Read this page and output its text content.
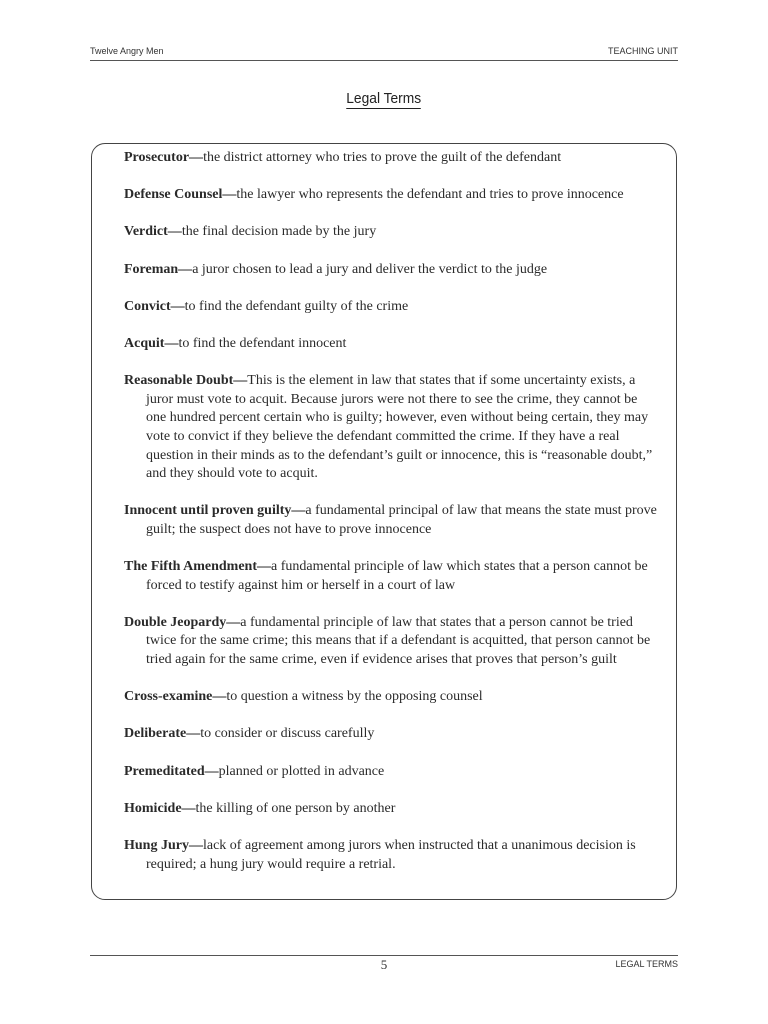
Twelve Angry Men	TEACHING UNIT
Legal Terms

Prosecutor—the district attorney who tries to prove the guilt of the defendant

Defense Counsel—the lawyer who represents the defendant and tries to prove innocence

Verdict—the final decision made by the jury

Foreman—a juror chosen to lead a jury and deliver the verdict to the judge

Convict—to find the defendant guilty of the crime

Acquit—to find the defendant innocent

Reasonable Doubt—This is the element in law that states that if some uncertainty exists, a juror must vote to acquit. Because jurors were not there to see the crime, they cannot be one hundred percent certain who is guilty; however, even without being certain, they may vote to convict if they believe the defendant committed the crime. If they have a real question in their minds as to the defendant’s guilt or innocence, this is “reasonable doubt,” and they should vote to acquit.

Innocent until proven guilty—a fundamental principal of law that means the state must prove guilt; the suspect does not have to prove innocence

The Fifth Amendment—a fundamental principle of law which states that a person cannot be forced to testify against him or herself in a court of law

Double Jeopardy—a fundamental principle of law that states that a person cannot be tried twice for the same crime; this means that if a defendant is acquitted, that person cannot be tried again for the same crime, even if evidence arises that proves that person’s guilt

Cross-examine—to question a witness by the opposing counsel

Deliberate—to consider or discuss carefully

Premeditated—planned or plotted in advance

Homicide—the killing of one person by another

Hung Jury—lack of agreement among jurors when instructed that a unanimous decision is required; a hung jury would require a retrial.

5	LEGAL TERMS
